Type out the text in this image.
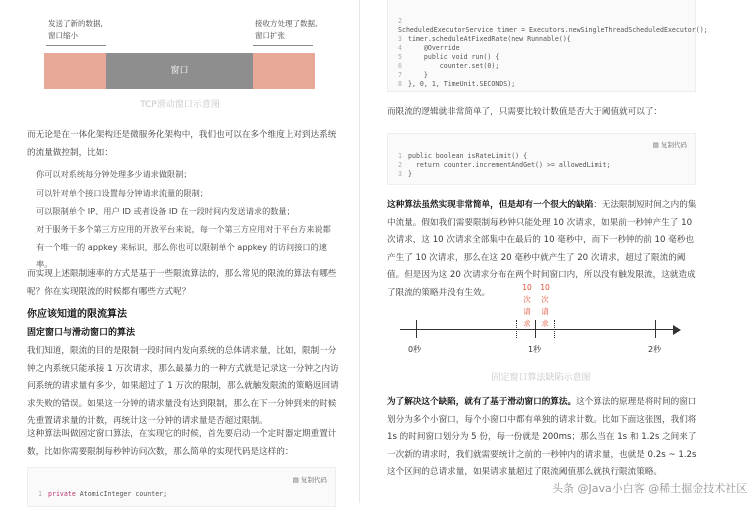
发送了新的数据,
窗口缩小
接收方处理了数据,
窗口扩张
窗口
TCP滑动窗口示意图
而无论是在一体化架构还是微服务化架构中，我们也可以在多个维度上对到达系统的流量做控制，比如：
你可以对系统每分钟处理多少请求做限制；
可以针对单个接口设置每分钟请求流量的限制；
可以限制单个 IP、用户 ID 或者设备 ID 在一段时间内发送请求的数量；
对于服务于多个第三方应用的开放平台来说，每一个第三方应用对于平台方来说都有一个唯一的 appkey 来标识，那么你也可以限制单个 appkey 的访问接口的速率。
而实现上述限制速率的方式是基于一些限流算法的，那么常见的限流的算法有哪些呢？你在实现限流的时候都有哪些方式呢？
你应该知道的限流算法
固定窗口与滑动窗口的算法
我们知道，限流的目的是限制一段时间内发向系统的总体请求量，比如，限制一分钟之内系统只能承接 1 万次请求，那么最暴力的一种方式就是记录这一分钟之内访问系统的请求量有多少，如果超过了 1 万次的限制，那么就触发限流的策略返回请求失败的错误。如果这一分钟的请求量没有达到限制，那么在下一分钟到来的时候先重置请求量的计数，再统计这一分钟的请求量是否超过限制。
这种算法叫做固定窗口算法，在实现它的时候，首先要启动一个定时器定期重置计数，比如你需要限制每秒钟访问次数，那么简单的实现代码是这样的：
▤ 复制代码
1 private AtomicInteger counter;
2ScheduledExecutorService timer = Executors.newSingleThreadScheduledExecutor();
3 timer.scheduleAtFixedRate(new Runnable(){
4    @Override
5    public void run() {
6        counter.set(0);
7    }
8 }, 0, 1, TimeUnit.SECONDS);
而限流的逻辑就非常简单了，只需要比较计数值是否大于阈值就可以了：
▤ 复制代码
1 public boolean isRateLimit() {
2  return counter.incrementAndGet() >= allowedLimit;
3 }
这种算法虽然实现非常简单，但是却有一个很大的缺陷：无法限制短时间之内的集中流量。假如我们需要限制每秒钟只能处理 10 次请求，如果前一秒钟产生了 10 次请求，这 10 次请求全部集中在最后的 10 毫秒中，而下一秒钟的前 10 毫秒也产生了 10 次请求，那么在这 20 毫秒中就产生了 20 次请求，超过了限流的阈值。但是因为这 20 次请求分布在两个时间窗口内，所以没有触发限流，这就造成了限流的策略并没有生效。	10
次
请
求
10
次
请
求
0秒	1秒	2秒
固定窗口算法缺陷示意图
为了解决这个缺陷，就有了基于滑动窗口的算法。这个算法的原理是将时间的窗口划分为多个小窗口，每个小窗口中都有单独的请求计数。比如下面这张图，我们将 1s 的时间窗口划分为 5 份，每一份就是 200ms；那么当在 1s 和 1.2s 之间来了一次新的请求时，我们就需要统计之前的一秒钟内的请求量，也就是 0.2s ~ 1.2s 这个区间的总请求量，如果请求量超过了限流阈值那么就执行限流策略。
头条 @Java小白客 @稀土掘金技术社区
